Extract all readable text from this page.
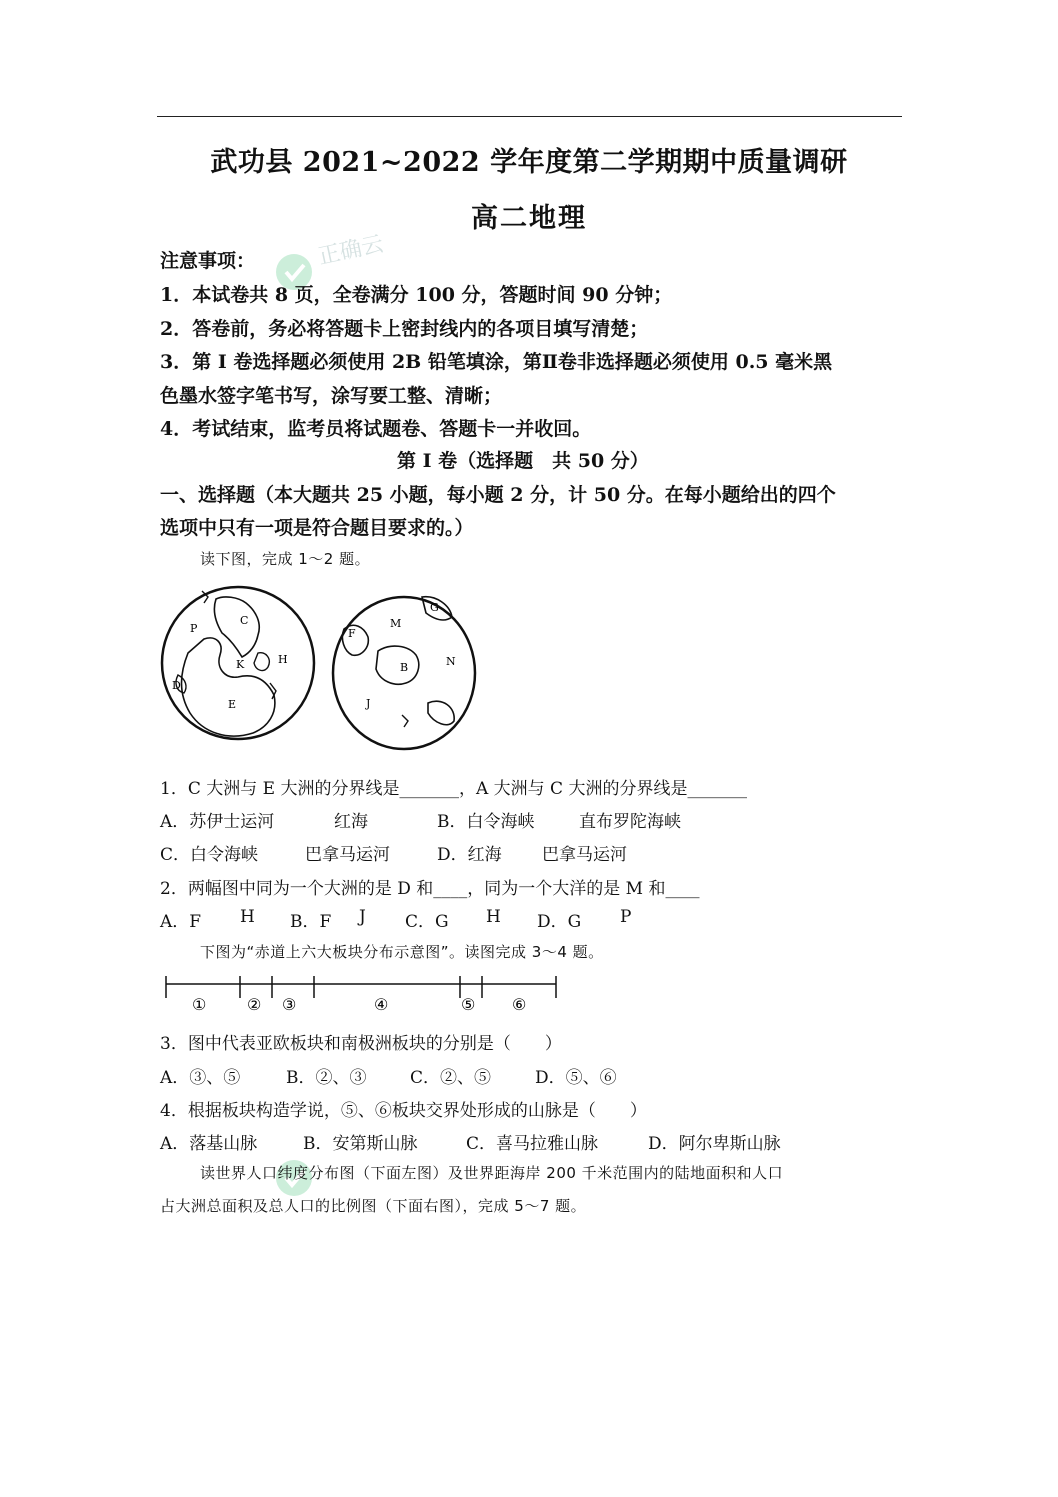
武功县 2021~2022 学年度第二学期期中质量调研
高二地理
正确云
注意事项：
1．本试卷共 8 页，全卷满分 100 分，答题时间 90 分钟；
2．答卷前，务必将答题卡上密封线内的各项目填写清楚；
3．第 I 卷选择题必须使用 2B 铅笔填涂，第Ⅱ卷非选择题必须使用 0.5 毫米黑
色墨水签字笔书写，涂写要工整、清晰；
4．考试结束，监考员将试题卷、答题卡一并收回。
第 I 卷（选择题　共 50 分）
一、选择题（本大题共 25 小题，每小题 2 分，计 50 分。在每小题给出的四个
选项中只有一项是符合题目要求的。）
读下图，完成 1～2 题。
P
C
K	H
D
E
G
M
F
B	N
J
1．C 大洲与 E 大洲的分界线是_______，A 大洲与 C 大洲的分界线是_______
A．苏伊士运河	红海	B．白令海峡	直布罗陀海峡
C．白令海峡	巴拿马运河	D．红海 巴拿马运河
2．两幅图中同为一个大洲的是 D 和____，同为一个大洋的是 M 和____
A．F H B．F J C．G H D．G P
下图为“赤道上六大板块分布示意图”。读图完成 3～4 题。
①	② ③	④	⑤ ⑥
3．图中代表亚欧板块和南极洲板块的分别是（　　）
A．③、⑤	B．②、③	C．②、⑤	D．⑤、⑥
4．根据板块构造学说，⑤、⑥板块交界处形成的山脉是（　　）
A．落基山脉	B．安第斯山脉	C．喜马拉雅山脉	D．阿尔卑斯山脉
读世界人口纬度分布图（下面左图）及世界距海岸 200 千米范围内的陆地面积和人口
占大洲总面积及总人口的比例图（下面右图），完成 5～7 题。
